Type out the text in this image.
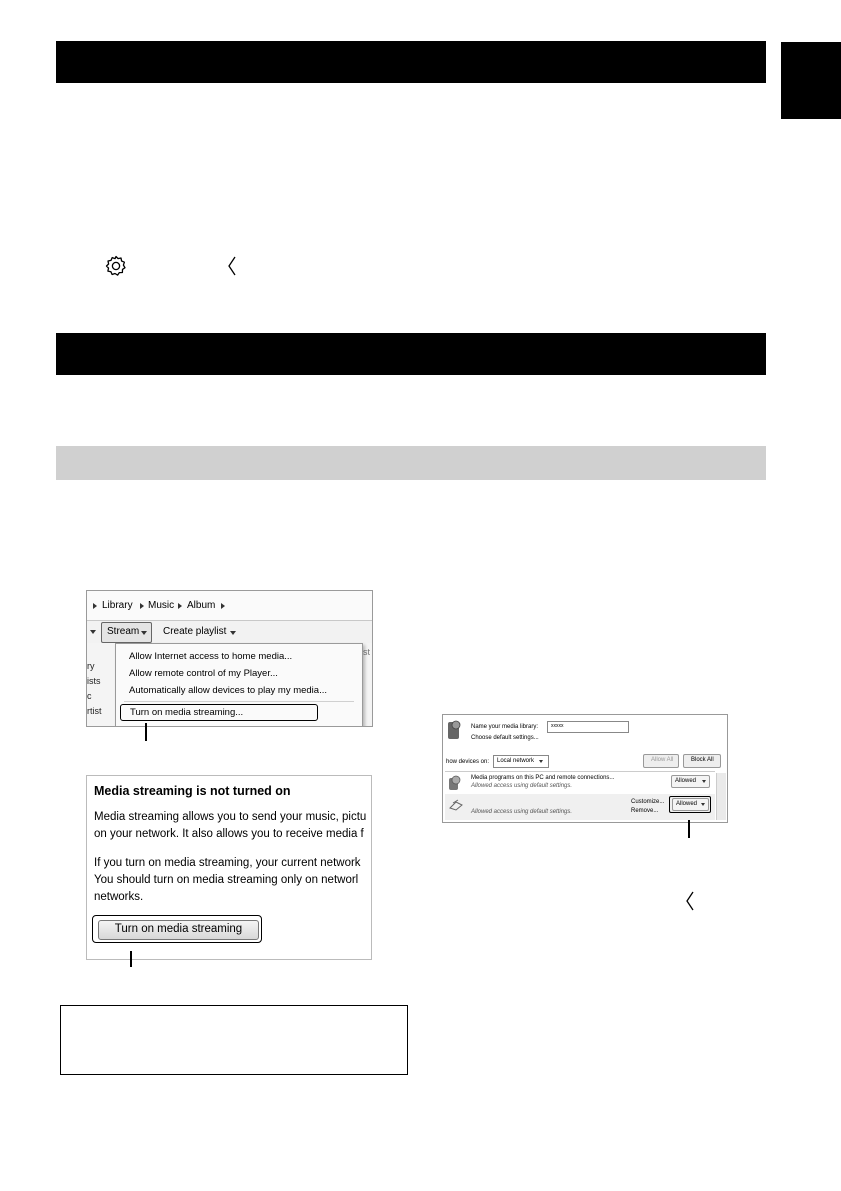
Library Music Album
Stream Create playlist
ry
ists
c
rtist
st
Allow Internet access to home media...
Allow remote control of my Player...
Automatically allow devices to play my media...
Turn on media streaming...
Media streaming is not turned on
Media streaming allows you to send your music, pictu
on your network. It also allows you to receive media f
If you turn on media streaming, your current network
You should turn on media streaming only on networl
networks.
Turn on media streaming
Name your media library:	xxxxx
Choose default settings...
how devices on: Local network	Allow All	Block All
Media programs on this PC and remote connections...
Allowed access using default settings.
Allowed
Allowed access using default settings.
Customize...
Remove...
Allowed
